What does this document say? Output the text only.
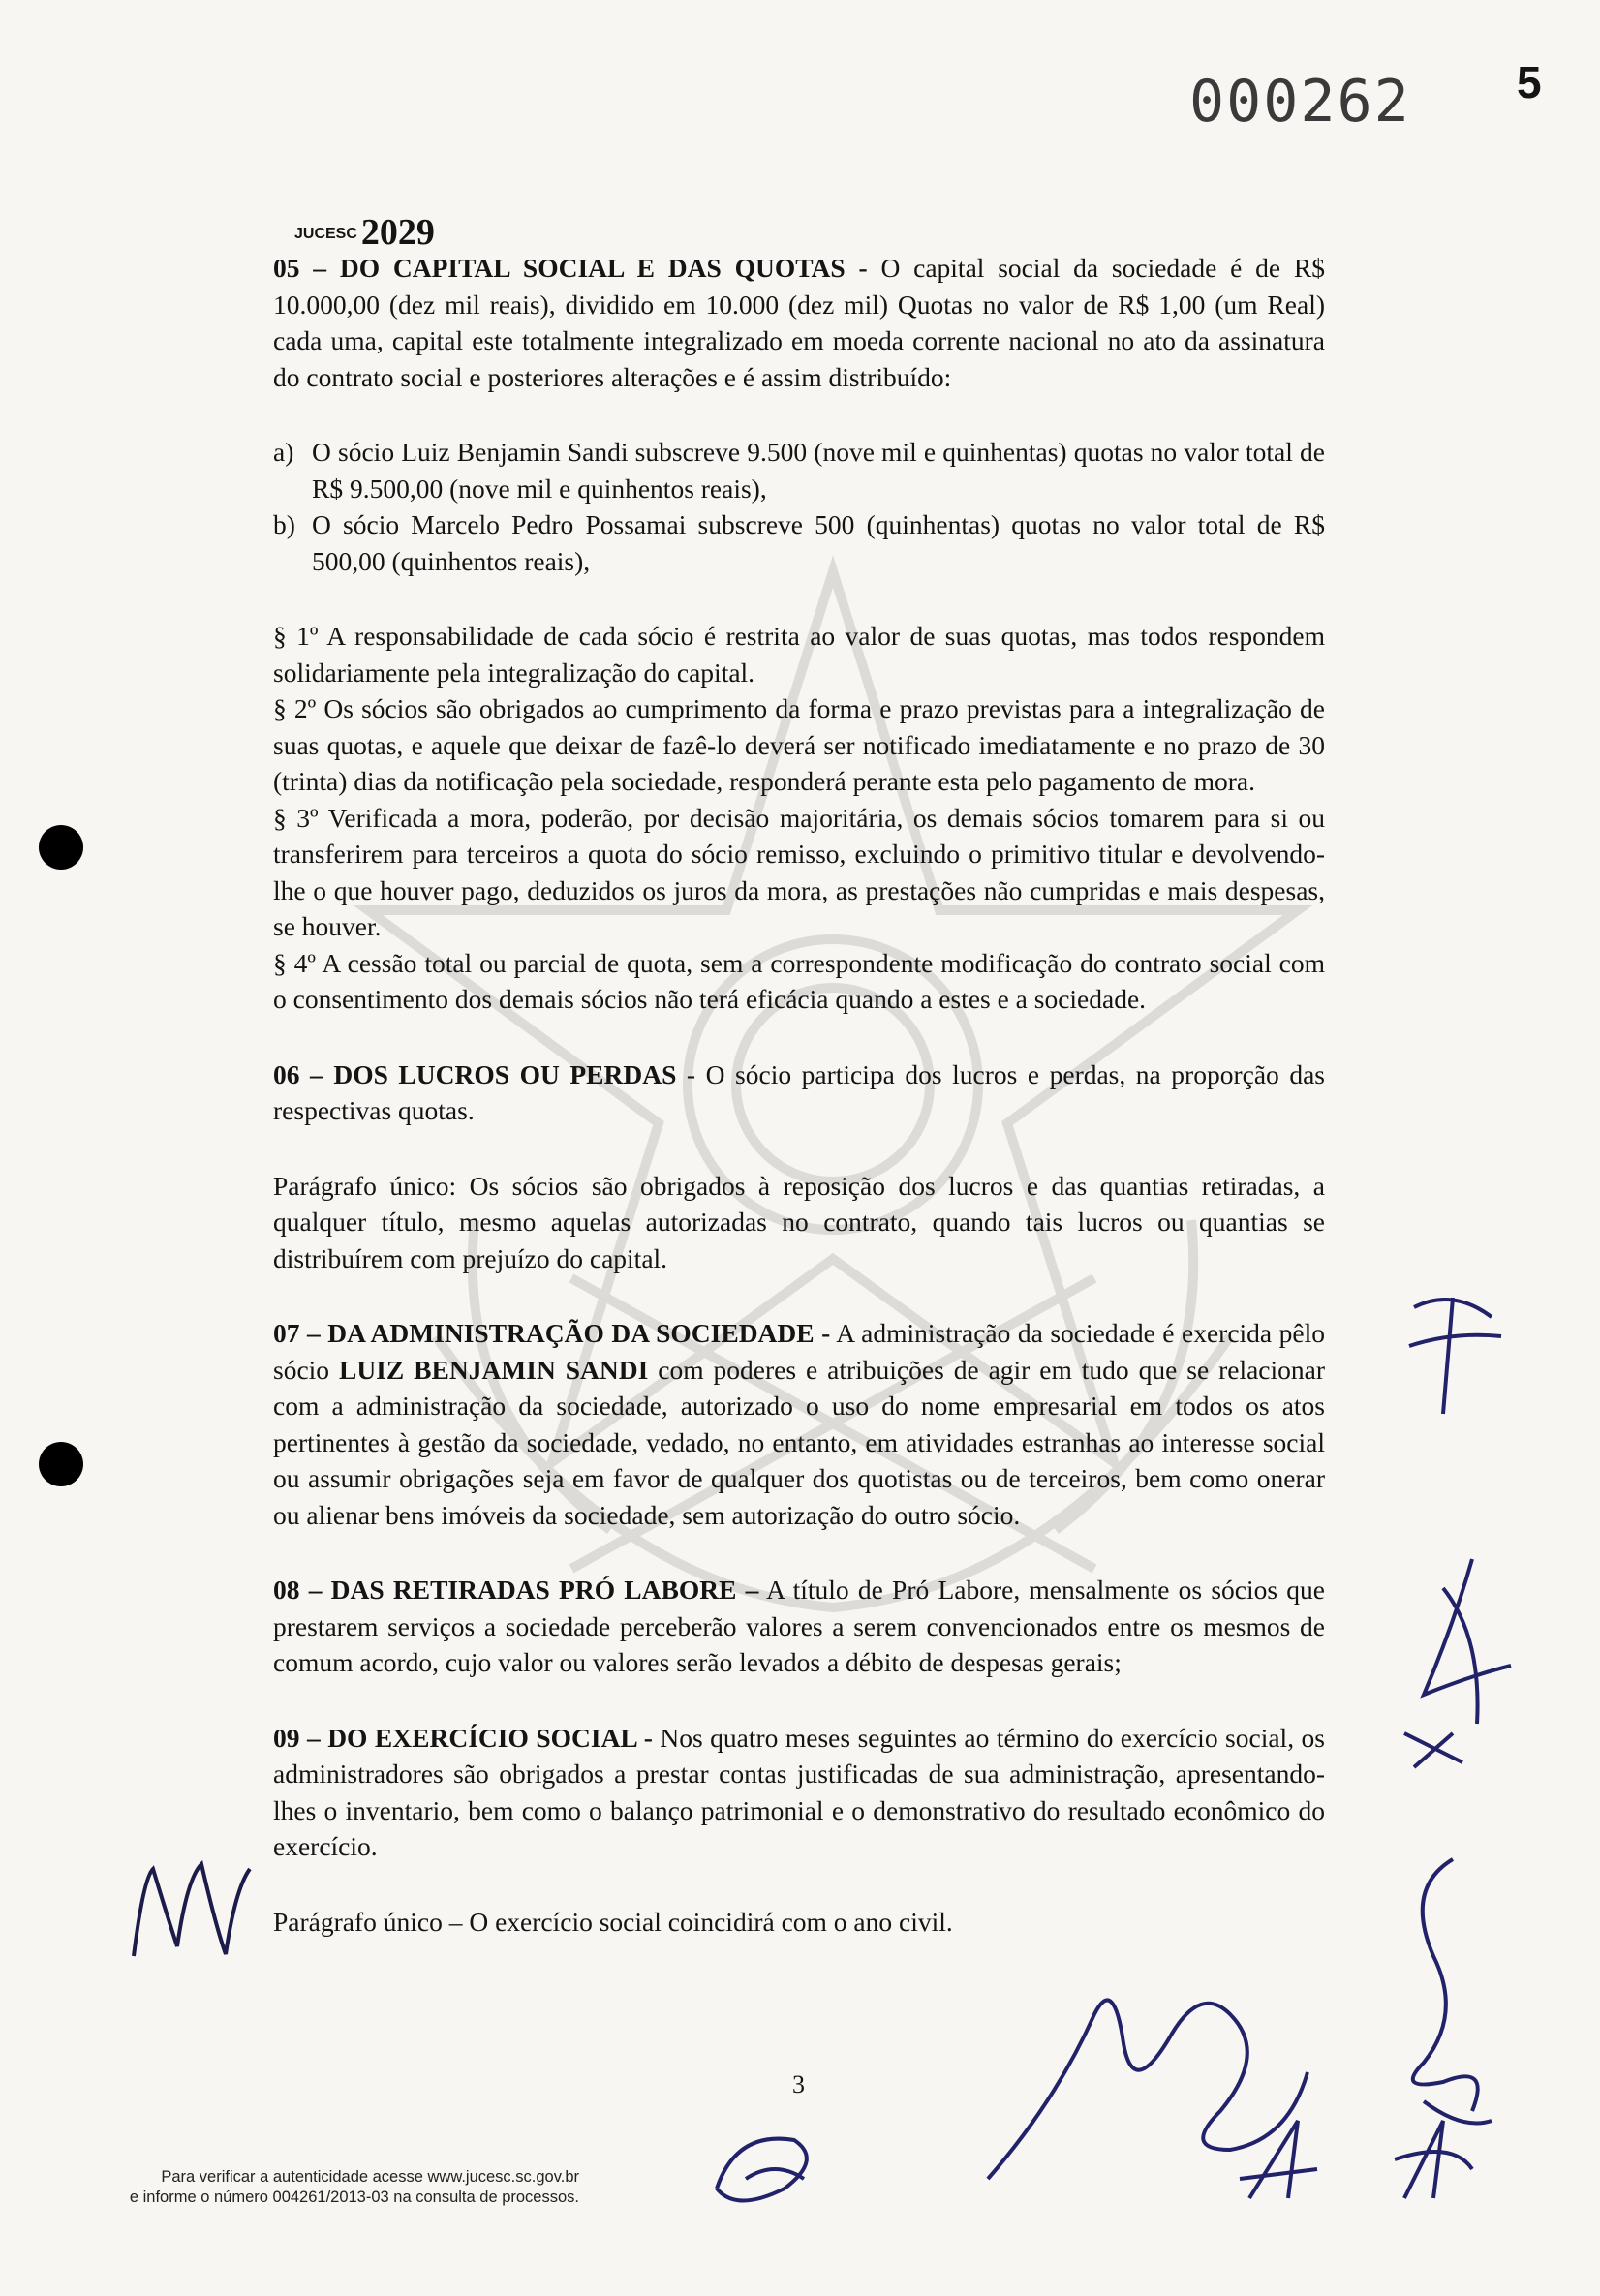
000262 5
JUCESC 2029

05 – DO CAPITAL SOCIAL E DAS QUOTAS - O capital social da sociedade é de R$ 10.000,00 (dez mil reais), dividido em 10.000 (dez mil) Quotas no valor de R$ 1,00 (um Real) cada uma, capital este totalmente integralizado em moeda corrente nacional no ato da assinatura do contrato social e posteriores alterações e é assim distribuído:

a) O sócio Luiz Benjamin Sandi subscreve 9.500 (nove mil e quinhentas) quotas no valor total de R$ 9.500,00 (nove mil e quinhentos reais),
b) O sócio Marcelo Pedro Possamai subscreve 500 (quinhentas) quotas no valor total de R$ 500,00 (quinhentos reais),

§ 1º A responsabilidade de cada sócio é restrita ao valor de suas quotas, mas todos respondem solidariamente pela integralização do capital.

§ 2º Os sócios são obrigados ao cumprimento da forma e prazo previstas para a integralização de suas quotas, e aquele que deixar de fazê-lo deverá ser notificado imediatamente e no prazo de 30 (trinta) dias da notificação pela sociedade, responderá perante esta pelo pagamento de mora.

§ 3º Verificada a mora, poderão, por decisão majoritária, os demais sócios tomarem para si ou transferirem para terceiros a quota do sócio remisso, excluindo o primitivo titular e devolvendo-lhe o que houver pago, deduzidos os juros da mora, as prestações não cumpridas e mais despesas, se houver.

§ 4º A cessão total ou parcial de quota, sem a correspondente modificação do contrato social com o consentimento dos demais sócios não terá eficácia quando a estes e a sociedade.

06 – DOS LUCROS OU PERDAS - O sócio participa dos lucros e perdas, na proporção das respectivas quotas.

Parágrafo único: Os sócios são obrigados à reposição dos lucros e das quantias retiradas, a qualquer título, mesmo aquelas autorizadas no contrato, quando tais lucros ou quantias se distribuírem com prejuízo do capital.

07 – DA ADMINISTRAÇÃO DA SOCIEDADE - A administração da sociedade é exercida pêlo sócio LUIZ BENJAMIN SANDI com poderes e atribuições de agir em tudo que se relacionar com a administração da sociedade, autorizado o uso do nome empresarial em todos os atos pertinentes à gestão da sociedade, vedado, no entanto, em atividades estranhas ao interesse social ou assumir obrigações seja em favor de qualquer dos quotistas ou de terceiros, bem como onerar ou alienar bens imóveis da sociedade, sem autorização do outro sócio.

08 – DAS RETIRADAS PRÓ LABORE – A título de Pró Labore, mensalmente os sócios que prestarem serviços a sociedade perceberão valores a serem convencionados entre os mesmos de comum acordo, cujo valor ou valores serão levados a débito de despesas gerais;

09 – DO EXERCÍCIO SOCIAL - Nos quatro meses seguintes ao término do exercício social, os administradores são obrigados a prestar contas justificadas de sua administração, apresentando-lhes o inventario, bem como o balanço patrimonial e o demonstrativo do resultado econômico do exercício.

Parágrafo único – O exercício social coincidirá com o ano civil.

3
Para verificar a autenticidade acesse www.jucesc.sc.gov.br
e informe o número 004261/2013-03 na consulta de processos.
